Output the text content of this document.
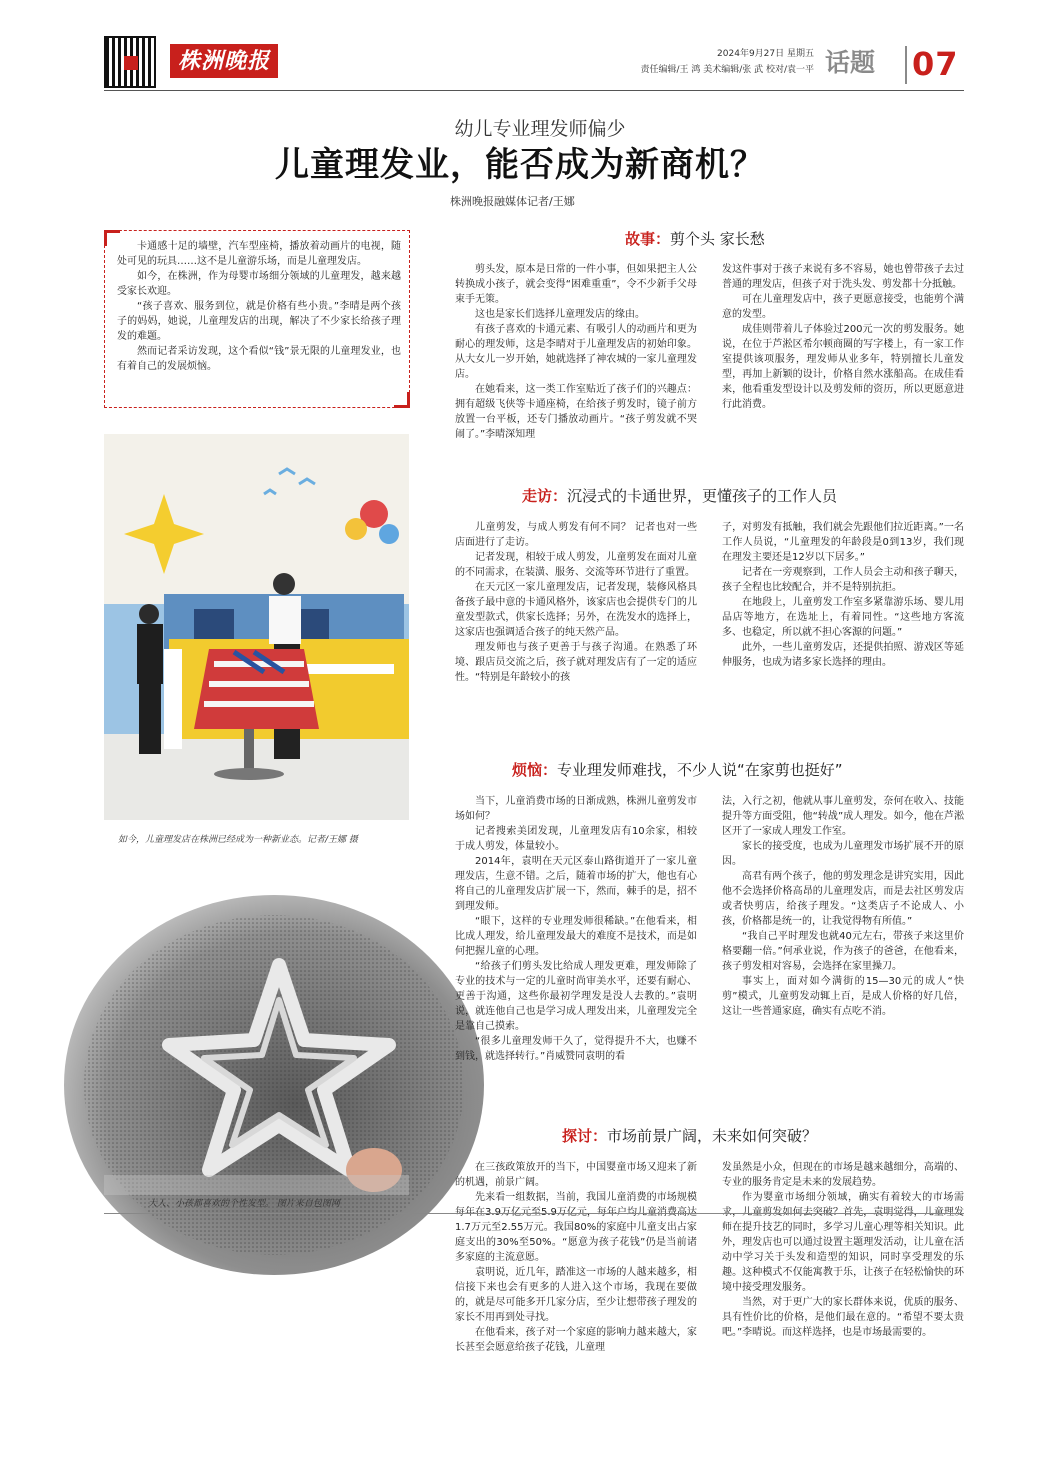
株洲晚报	2024年9月27日 星期五
责任编辑/王 鸿 美术编辑/张 武 校对/袁一平 话题 07
幼儿专业理发师偏少
儿童理发业，能否成为新商机？
株洲晚报融媒体记者/王娜

卡通感十足的墙壁，汽车型座椅，播放着动画片的电视，随处可见的玩具……这不是儿童游乐场，而是儿童理发店。

如今，在株洲，作为母婴市场细分领域的儿童理发，越来越受家长欢迎。

“孩子喜欢、服务到位，就是价格有些小贵。”李晴是两个孩子的妈妈，她说，儿童理发店的出现，解决了不少家长给孩子理发的难题。

然而记者采访发现，这个看似“钱”景无限的儿童理发业，也有着自己的发展烦恼。

如今，儿童理发店在株洲已经成为一种新业态。记者/王娜 摄
大人、小孩都喜欢的个性发型。 图片来自包图网
故事：剪个头 家长愁

剪头发，原本是日常的一件小事，但如果把主人公转换成小孩子，就会变得“困难重重”，令不少新手父母束手无策。

这也是家长们选择儿童理发店的缘由。

有孩子喜欢的卡通元素、有吸引人的动画片和更为耐心的理发师，这是李晴对于儿童理发店的初始印象。从大女儿一岁开始，她就选择了神农城的一家儿童理发店。

在她看来，这一类工作室贴近了孩子们的兴趣点：拥有超级飞侠等卡通座椅，在给孩子剪发时，镜子前方放置一台平板，还专门播放动画片。“孩子剪发就不哭闹了。”李晴深知理

发这件事对于孩子来说有多不容易，她也曾带孩子去过普通的理发店，但孩子对于洗头发、剪发都十分抵触。

可在儿童理发店中，孩子更愿意接受，也能剪个满意的发型。

成佳则带着儿子体验过200元一次的剪发服务。她说，在位于芦淞区希尔顿商圈的写字楼上，有一家工作室提供该项服务，理发师从业多年，特别擅长儿童发型，再加上新颖的设计，价格自然水涨船高。在成佳看来，他看重发型设计以及剪发师的资历，所以更愿意进行此消费。

走访：沉浸式的卡通世界，更懂孩子的工作人员

儿童剪发，与成人剪发有何不同？ 记者也对一些店面进行了走访。

记者发现，相较于成人剪发，儿童剪发在面对儿童的不同需求，在装潢、服务、交流等环节进行了重置。

在天元区一家儿童理发店，记者发现，装修风格具备孩子最中意的卡通风格外，该家店也会提供专门的儿童发型款式，供家长选择；另外，在洗发水的选择上，这家店也强调适合孩子的纯天然产品。

理发师也与孩子更善于与孩子沟通。在熟悉了环境、跟店员交流之后，孩子就对理发店有了一定的适应性。“特别是年龄较小的孩

子，对剪发有抵触，我们就会先跟他们拉近距离。”一名工作人员说，“儿童理发的年龄段是0到13岁，我们现在理发主要还是12岁以下居多。”

记者在一旁观察到，工作人员会主动和孩子聊天，孩子全程也比较配合，并不是特别抗拒。

在地段上，儿童剪发工作室多紧靠游乐场、婴儿用品店等地方，在选址上，有着同性。“这些地方客流多、也稳定，所以就不担心客源的问题。”

此外，一些儿童剪发店，还提供拍照、游戏区等延伸服务，也成为诸多家长选择的理由。

烦恼：专业理发师难找，不少人说“在家剪也挺好”

当下，儿童消费市场的日渐成熟，株洲儿童剪发市场如何？

记者搜索美团发现，儿童理发店有10余家，相较于成人剪发，体量较小。

2014年，袁明在天元区泰山路街道开了一家儿童理发店，生意不错。之后，随着市场的扩大，他也有心将自己的儿童理发店扩展一下，然而，棘手的是，招不到理发师。

“眼下，这样的专业理发师很稀缺。”在他看来，相比成人理发，给儿童理发最大的难度不是技术，而是如何把握儿童的心理。

“给孩子们剪头发比给成人理发更难，理发师除了专业的技术与一定的儿童时尚审美水平，还要有耐心、更善于沟通，这些你最初学理发是没人去教的。”袁明说，就连他自己也是学习成人理发出来，儿童理发完全是靠自己摸索。

“很多儿童理发师干久了，觉得提升不大，也赚不到钱，就选择转行。”肖威赞同袁明的看

法，入行之初，他就从事儿童剪发，奈何在收入、技能提升等方面受阻，他“转战”成人理发。如今，他在芦淞区开了一家成人理发工作室。

家长的接受度，也成为儿童理发市场扩展不开的原因。

高君有两个孩子，他的剪发理念是讲究实用，因此他不会选择价格高昂的儿童理发店，而是去社区剪发店或者快剪店，给孩子理发。“这类店子不论成人、小孩，价格都是统一的，让我觉得物有所值。”

“我自己平时理发也就40元左右，带孩子来这里价格要翻一倍。”何承业说，作为孩子的爸爸，在他看来，孩子剪发相对容易，会选择在家里操刀。

事实上，面对如今满街的15—30元的成人“快剪”模式，儿童剪发动辄上百，是成人价格的好几倍，这让一些普通家庭，确实有点吃不消。

探讨：市场前景广阔，未来如何突破？

在三孩政策放开的当下，中国婴童市场又迎来了新的机遇，前景广阔。

先来看一组数据，当前，我国儿童消费的市场规模 1.7万元至2.55万元。我国80%的家庭中儿童支出占家庭支出的30%至50%。“愿意为孩子花钱”仍是当前诸多家庭的主流意愿。

袁明说，近几年，踏准这一市场的人越来越多，相信接下来也会有更多的人进入这个市场，我现在要做的，就是尽可能多开几家分店，至少让想带孩子理发的家长不用再到处寻找。

在他看来，孩子对一个家庭的影响力越来越大，家长甚至会愿意给孩子花钱，儿童理

发虽然是小众，但现在的市场是越来越细分，高端的、专业的服务肯定是未来的发展趋势。

作为婴童市场细分领域，确实有着较大的市场需 师在提升技艺的同时，多学习儿童心理等相关知识。此外，理发店也可以通过设置主题理发活动，让儿童在活动中学习关于头发和造型的知识，同时享受理发的乐趣。这种模式不仅能寓教于乐，让孩子在轻松愉快的环境中接受理发服务。

当然，对于更广大的家长群体来说，优质的服务、具有性价比的价格，是他们最在意的。“希望不要太贵吧。”李晴说。而这样选择，也是市场最需要的。
